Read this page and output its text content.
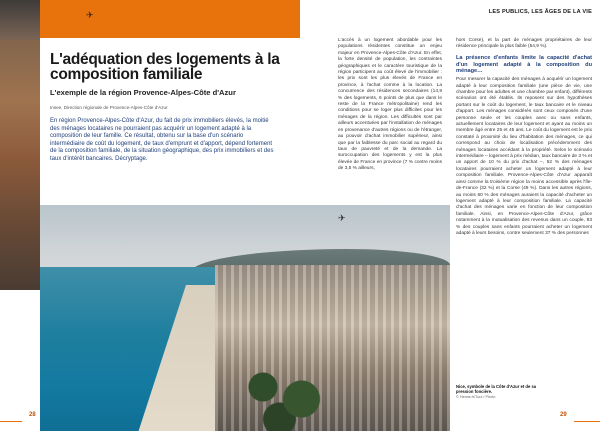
✈
L'adéquation des logements à la composition familiale
L'exemple de la région Provence-Alpes-Côte d'Azur
Insee, Direction régionale de Provence-Alpes-Côte d'Azur

En région Provence-Alpes-Côte d'Azur, du fait de prix immobiliers élevés, la moitié des ménages locataires ne pourraient pas acquérir un logement adapté à la composition de leur famille. Ce résultat, obtenu sur la base d'un scénario intermédiaire de coût du logement, de taux d'emprunt et d'apport, dépend fortement de la composition familiale, de la situation géographique, des prix immobiliers et des taux d'intérêt bancaires. Décryptage.

✈
LES PUBLICS, LES ÂGES DE LA VIE
L'accès à un logement abordable pour les populations résidentes constitue un enjeu majeur en Provence-Alpes-Côte d'Azur. En effet, la forte densité de population, les contraintes géographiques et le caractère touristique de la région participent au coût élevé de l'immobilier : les prix sont les plus élevés de France en province, à l'achat comme à la location. La concurrence des résidences secondaires (14,9 % des logements, 6 points de plus que dans le reste de la France métropolitaine) rend les conditions pour se loger plus difficiles pour les ménages de la région. Les difficultés sont par ailleurs accentuées par l'installation de ménages en provenance d'autres régions ou de l'étranger, au pouvoir d'achat immobilier supérieur, ainsi que par la faiblesse du parc social au regard du taux de pauvreté et de la demande. La suroccupation des logements y est la plus élevée de France en province (7 % contre moins de 3,5 % ailleurs,
hors Corse), et la part de ménages propriétaires de leur résidence principale la plus faible (54,9 %).
La présence d'enfants limite la capacité d'achat d'un logement adapté à la composition du ménage…
Pour mesurer la capacité des ménages à acquérir un logement adapté à leur composition familiale (une pièce de vie, une chambre pour les adultes et une chambre par enfant), différents scénarios ont été établis. Ils reposent sur des hypothèses portant sur le coût du logement, le taux bancaire et le niveau d'apport. Les ménages considérés sont ceux composés d'une personne seule et les couples avec ou sans enfants, actuellement locataires de leur logement et ayant au moins un membre âgé entre 25 et 45 ans. Le coût du logement est le prix constaté à proximité du lieu d'habitation des ménages, ce qui correspond au choix de localisation précédemment des ménages locataires accédant à la propriété. Selon le scénario intermédiaire – logement à prix médian, taux bancaire de 3 % et un apport de 10 % du prix d'achat –, 52 % des ménages locataires pourraient acheter un logement adapté à leur composition familiale. Provence-Alpes-Côte d'Azur apparaît ainsi comme la troisième région la moins accessible après l'Île-de-France (32 %) et la Corse (49 %). Dans les autres régions, au moins 60 % des ménages auraient la capacité d'acheter un logement adapté à leur composition familiale. La capacité d'achat des ménages varie en fonction de leur composition familiale. Ainsi, en Provence-Alpes-Côte d'Azur, grâce notamment à la mutualisation des revenus dans un couple, 83 % des couples sans enfants pourraient acheter un logement adapté à leurs besoins, contre seulement 37 % des personnes
Nice, symbole de la Côte d'Azur et de sa pression foncière.
© Hemis.fr/Tuul / Photo
28	29
